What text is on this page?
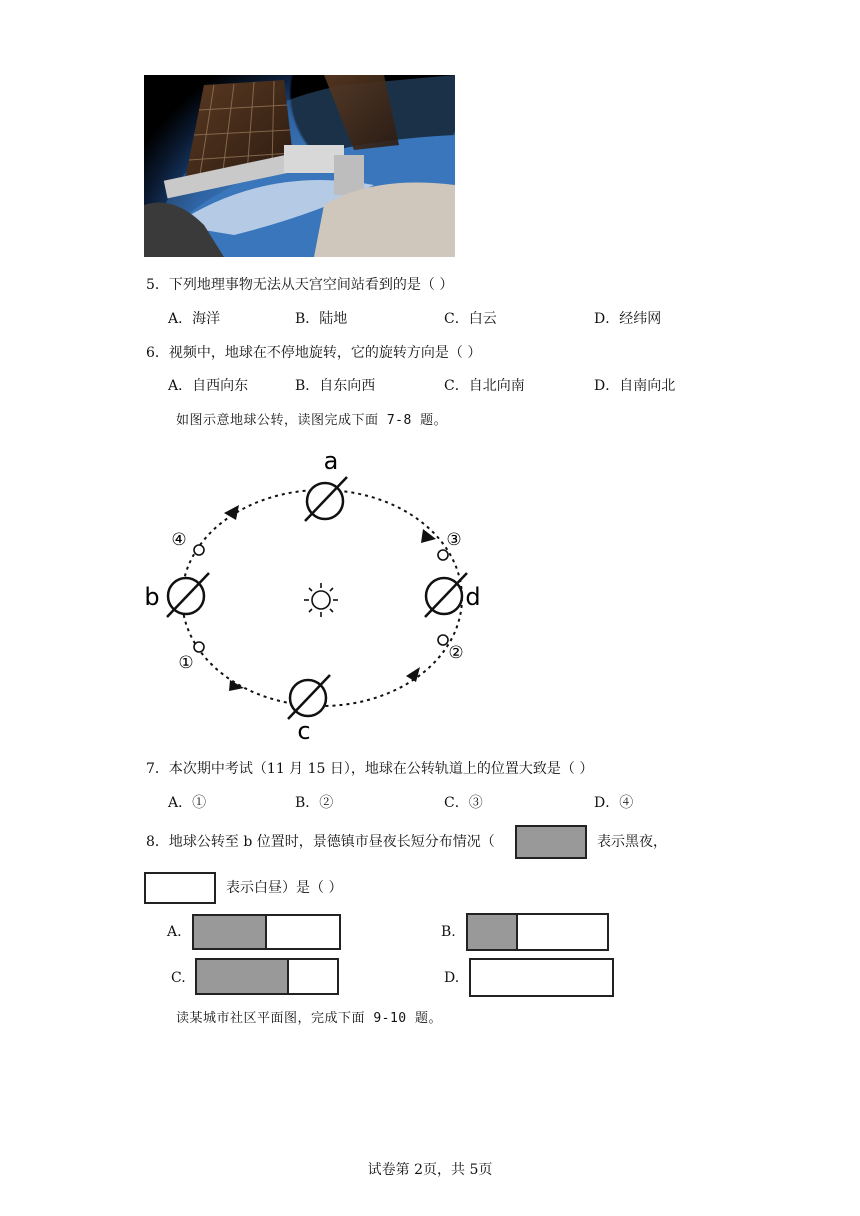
5．下列地理事物无法从天宫空间站看到的是（ ）
A．海洋	B．陆地	C．白云	D．经纬网
6．视频中，地球在不停地旋转，它的旋转方向是（ ）
A．自西向东	B．自东向西	C．自北向南	D．自南向北
如图示意地球公转，读图完成下面 7-8 题。
a
b
c
d
④	③
①	②
7．本次期中考试（11 月 15 日），地球在公转轨道上的位置大致是（ ）
A．①	B．②	C．③	D．④
8．地球公转至 b 位置时，景德镇市昼夜长短分布情况（	表示黑夜，
表示白昼）是（ ）
A.	B.
C.	D.
读某城市社区平面图，完成下面 9-10 题。
试卷第 2页，共 5页
